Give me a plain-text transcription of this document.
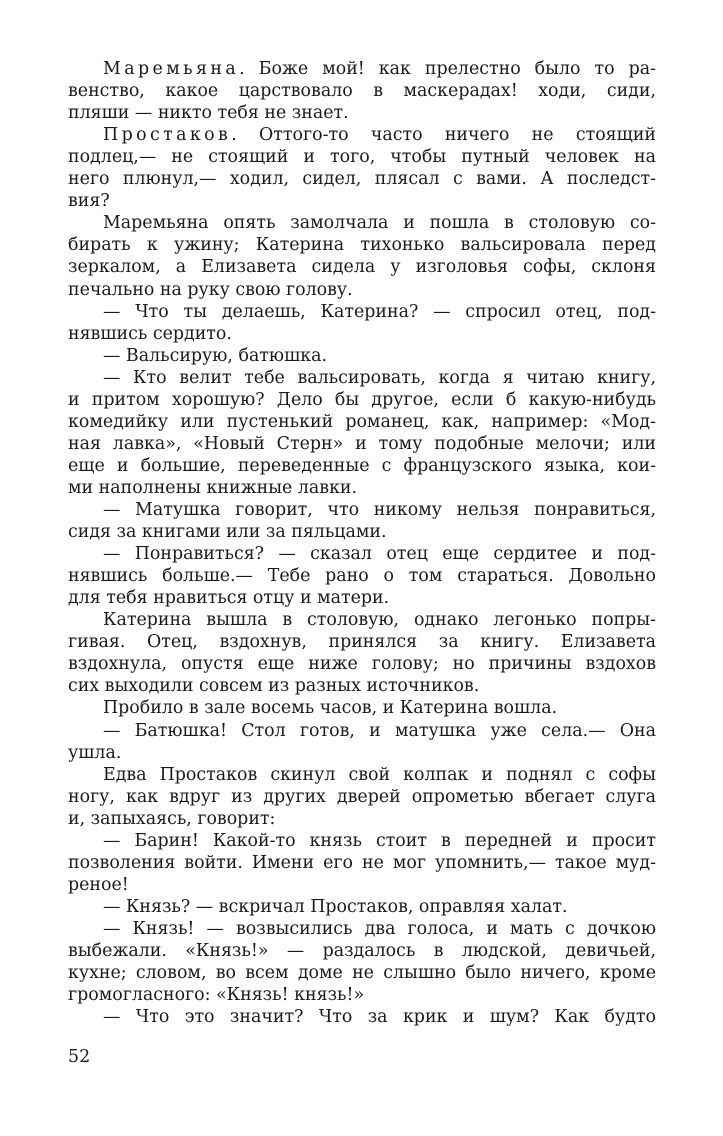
Маремьяна. Боже мой! как прелестно было то ра-
венство, какое царствовало в маскерадах! ходи, сиди,
пляши — никто тебя не знает.
Простаков. Оттого-то часто ничего не стоящий
подлец,— не стоящий и того, чтобы путный человек на
него плюнул,— ходил, сидел, плясал с вами. А последст-
вия?
Маремьяна опять замолчала и пошла в столовую со-
бирать к ужину; Катерина тихонько вальсировала перед
зеркалом, а Елизавета сидела у изголовья софы, склоня
печально на руку свою голову.
— Что ты делаешь, Катерина? — спросил отец, под-
нявшись сердито.
— Вальсирую, батюшка.
— Кто велит тебе вальсировать, когда я читаю книгу,
и притом хорошую? Дело бы другое, если б какую-нибудь
комедийку или пустенький романец, как, например: «Мод-
ная лавка», «Новый Стерн» и тому подобные мелочи; или
еще и большие, переведенные с французского языка, кои-
ми наполнены книжные лавки.
— Матушка говорит, что никому нельзя понравиться,
сидя за книгами или за пяльцами.
— Понравиться? — сказал отец еще сердитее и под-
нявшись больше.— Тебе рано о том стараться. Довольно
для тебя нравиться отцу и матери.
Катерина вышла в столовую, однако легонько попры-
гивая. Отец, вздохнув, принялся за книгу. Елизавета
вздохнула, опустя еще ниже голову; но причины вздохов
сих выходили совсем из разных источников.
Пробило в зале восемь часов, и Катерина вошла.
— Батюшка! Стол готов, и матушка уже села.— Она
ушла.
Едва Простаков скинул свой колпак и поднял с софы
ногу, как вдруг из других дверей опрометью вбегает слуга
и, запыхаясь, говорит:
— Барин! Какой-то князь стоит в передней и просит
позволения войти. Имени его не мог упомнить,— такое муд-
реное!
— Князь? — вскричал Простаков, оправляя халат.
— Князь! — возвысились два голоса, и мать с дочкою
выбежали. «Князь!» — раздалось в людской, девичьей,
кухне; словом, во всем доме не слышно было ничего, кроме
громогласного: «Князь! князь!»
— Что это значит? Что за крик и шум? Как будто
52
